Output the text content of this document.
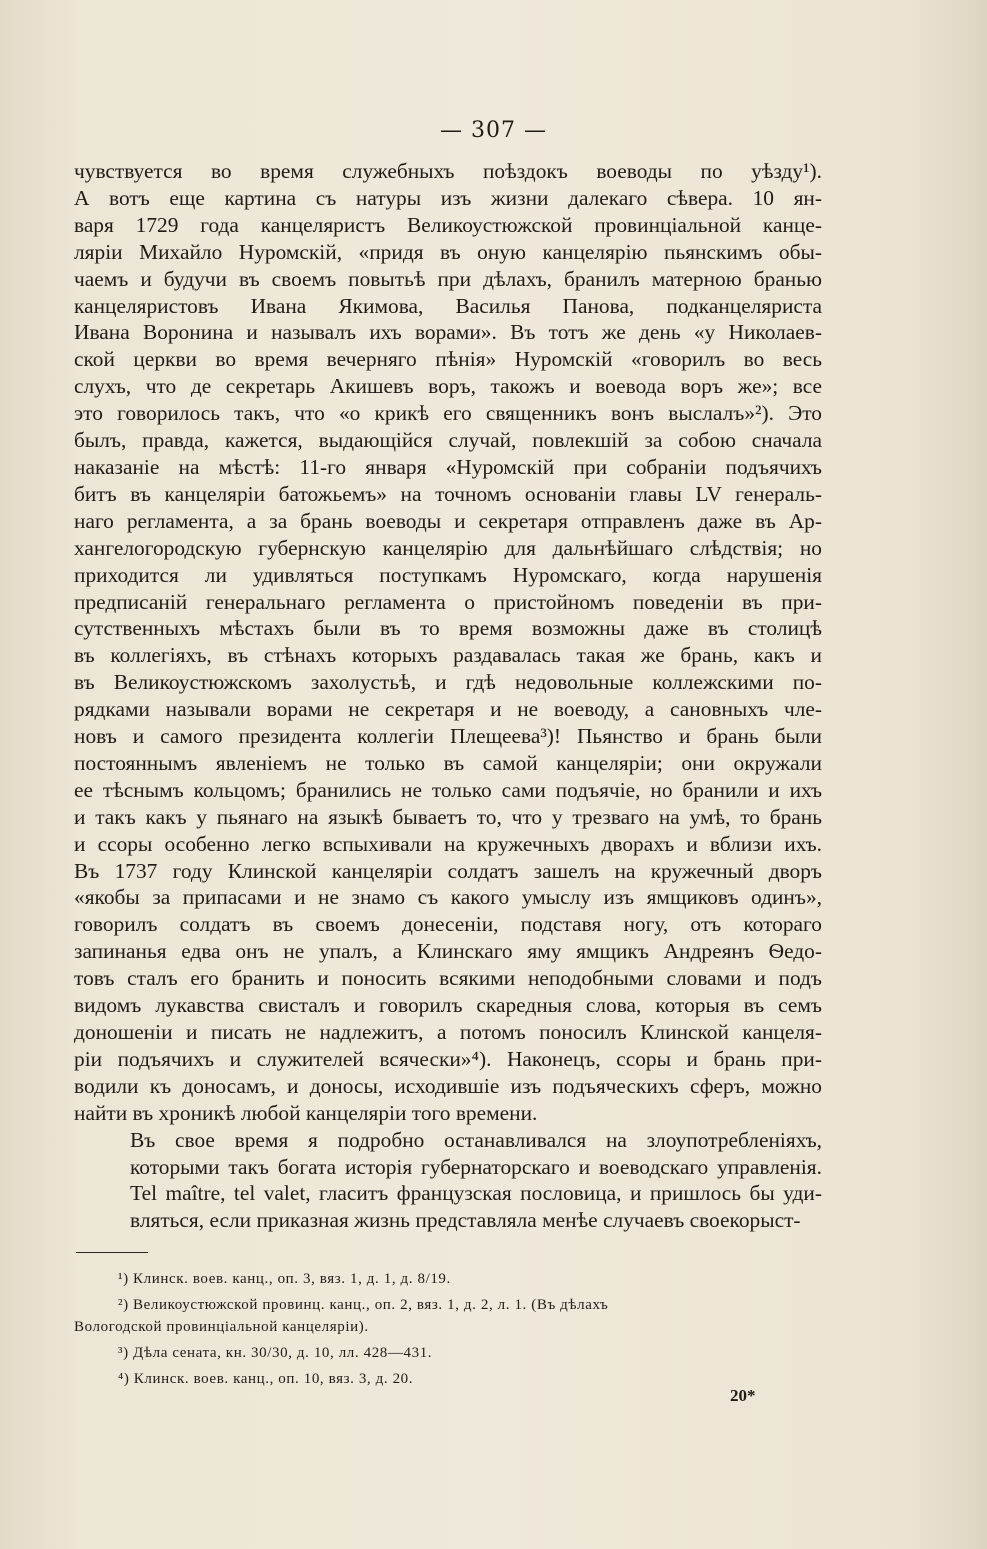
— 307 —

чувствуется во время служебныхъ поѣздокъ воеводы по уѣзду¹).
А вотъ еще картина съ натуры изъ жизни далекаго сѣвера. 10 ян-
варя 1729 года канцеляристъ Великоустюжской провинціальной канце-
ляріи Михайло Нуромскій, «придя въ оную канцелярію пьянскимъ обы-
чаемъ и будучи въ своемъ повытьѣ при дѣлахъ, бранилъ матерною бранью
канцеляристовъ Ивана Якимова, Василья Панова, подканцеляриста
Ивана Воронина и называлъ ихъ ворами». Въ тотъ же день «у Николаев-
ской церкви во время вечерняго пѣнія» Нуромскій «говорилъ во весь
слухъ, что де секретарь Акишевъ воръ, такожъ и воевода воръ же»; все
это говорилось такъ, что «о крикѣ его священникъ вонъ выслалъ»²). Это
былъ, правда, кажется, выдающійся случай, повлекшій за собою сначала
наказаніе на мѣстѣ: 11-го января «Нуромскій при собраніи подъячихъ
битъ въ канцеляріи батожьемъ» на точномъ основаніи главы LV генераль-
наго регламента, а за брань воеводы и секретаря отправленъ даже въ Ар-
хангелогородскую губернскую канцелярію для дальнѣйшаго слѣдствія; но
приходится ли удивляться поступкамъ Нуромскаго, когда нарушенія
предписаній генеральнаго регламента о пристойномъ поведеніи въ при-
сутственныхъ мѣстахъ были въ то время возможны даже въ столицѣ
въ коллегіяхъ, въ стѣнахъ которыхъ раздавалась такая же брань, какъ и
въ Великоустюжскомъ захолустьѣ, и гдѣ недовольные коллежскими по-
рядками называли ворами не секретаря и не воеводу, а сановныхъ чле-
новъ и самого президента коллегіи Плещеева³)! Пьянство и брань были
постояннымъ явленіемъ не только въ самой канцеляріи; они окружали
ее тѣснымъ кольцомъ; бранились не только сами подъячіе, но бранили и ихъ
и такъ какъ у пьянаго на языкѣ бываетъ то, что у трезваго на умѣ, то брань
и ссоры особенно легко вспыхивали на кружечныхъ дворахъ и вблизи ихъ.
Въ 1737 году Клинской канцеляріи солдатъ зашелъ на кружечный дворъ
«якобы за припасами и не знамо съ какого умыслу изъ ямщиковъ одинъ»,
говорилъ солдатъ въ своемъ донесеніи, подставя ногу, отъ котораго
запинанья едва онъ не упалъ, а Клинскаго яму ямщикъ Андреянъ Ѳедо-
товъ сталъ его бранить и поносить всякими неподобными словами и подъ
видомъ лукавства свисталъ и говорилъ скаредныя слова, которыя въ семъ
доношеніи и писать не надлежитъ, а потомъ поносилъ Клинской канцеля-
ріи подъячихъ и служителей всячески»⁴). Наконецъ, ссоры и брань при-
водили къ доносамъ, и доносы, исходившіе изъ подъяческихъ сферъ, можно
найти въ хроникѣ любой канцеляріи того времени.

Въ свое время я подробно останавливался на злоупотребленіяхъ,
которыми такъ богата исторія губернаторскаго и воеводскаго управленія.
Tel maître, tel valet, гласитъ французская пословица, и пришлось бы уди-
вляться, если приказная жизнь представляла менѣе случаевъ своекорыст-

¹) Клинск. воев. канц., оп. 3, вяз. 1, д. 1, д. 8/19.

²) Великоустюжской провинц. канц., оп. 2, вяз. 1, д. 2, л. 1. (Въ дѣлахъ
Вологодской провинціальной канцеляріи).

³) Дѣла сената, кн. 30/30, д. 10, лл. 428—431.

⁴) Клинск. воев. канц., оп. 10, вяз. 3, д. 20.

20*
